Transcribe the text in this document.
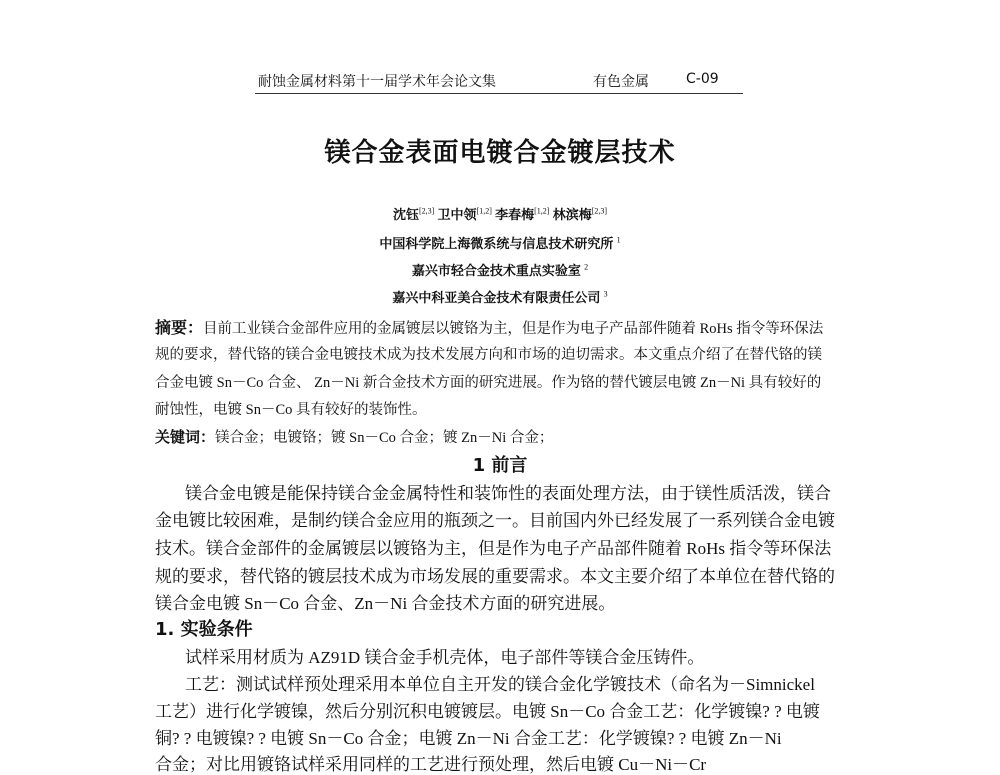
耐蚀金属材料第十一届学术年会论文集	有色金属	C-09
镁合金表面电镀合金镀层技术
沈钰[2,3] 卫中领[1,2] 李春梅[1,2] 林滨梅[2,3]
中国科学院上海微系统与信息技术研究所 $^1$
嘉兴市轻合金技术重点实验室 $^2$
嘉兴中科亚美合金技术有限责任公司 $^3$
摘要：目前工业镁合金部件应用的金属镀层以镀铬为主，但是作为电子产品部件随着 RoHs 指令等环保法
规的要求，替代铬的镁合金电镀技术成为技术发展方向和市场的迫切需求。本文重点介绍了在替代铬的镁
合金电镀 Sn－Co 合金、 Zn－Ni 新合金技术方面的研究进展。作为铬的替代镀层电镀 Zn－Ni 具有较好的
耐蚀性，电镀 Sn－Co 具有较好的装饰性。
关键词：镁合金；电镀铬；镀 Sn－Co 合金；镀 Zn－Ni 合金；
1 前言
镁合金电镀是能保持镁合金金属特性和装饰性的表面处理方法，由于镁性质活泼，镁合
金电镀比较困难，是制约镁合金应用的瓶颈之一。目前国内外已经发展了一系列镁合金电镀
技术。镁合金部件的金属镀层以镀铬为主，但是作为电子产品部件随着 RoHs 指令等环保法
规的要求，替代铬的镀层技术成为市场发展的重要需求。本文主要介绍了本单位在替代铬的
镁合金电镀 Sn－Co 合金、Zn－Ni 合金技术方面的研究进展。
1. 实验条件
试样采用材质为 AZ91D 镁合金手机壳体，电子部件等镁合金压铸件。
工艺：测试试样预处理采用本单位自主开发的镁合金化学镀技术（命名为－Simnickel
工艺）进行化学镀镍，然后分别沉积电镀镀层。电镀 Sn－Co 合金工艺：化学镀镍? ? 电镀
铜? ? 电镀镍? ? 电镀 Sn－Co 合金；电镀 Zn－Ni 合金工艺：化学镀镍? ? 电镀 Zn－Ni
合金；对比用镀铬试样采用同样的工艺进行预处理，然后电镀 Cu－Ni－Cr
